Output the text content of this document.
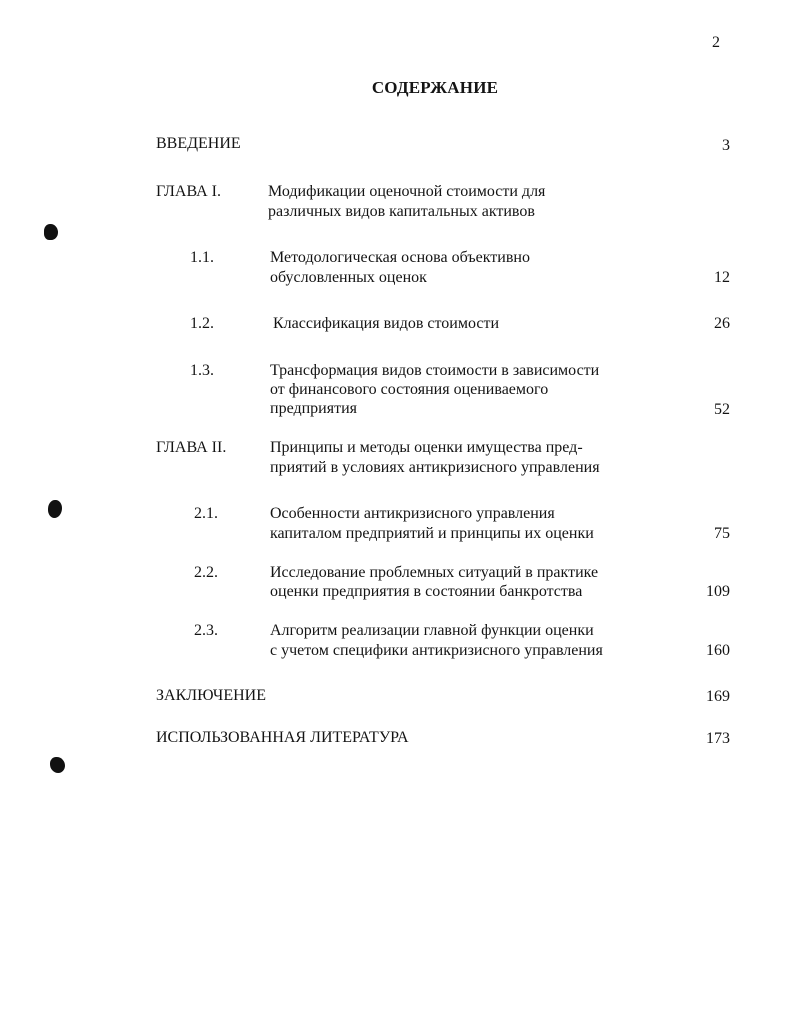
2
СОДЕРЖАНИЕ
ВВЕДЕНИЕ	3
ГЛАВА I.	Модификации оценочной стоимости для
различных видов капитальных активов
1.1.	Методологическая основа объективно
обусловленных оценок	12
1.2.	Классификация видов стоимости	26
1.3.	Трансформация видов стоимости в зависимости
от финансового состояния оцениваемого
предприятия	52
ГЛАВА II.	Принципы и методы оценки имущества пред-
приятий в условиях антикризисного управления
2.1.	Особенности антикризисного управления
капиталом предприятий и принципы их оценки	75
2.2.	Исследование проблемных ситуаций в практике
оценки предприятия в состоянии банкротства	109
2.3.	Алгоритм реализации главной функции оценки
с учетом специфики антикризисного управления	160
ЗАКЛЮЧЕНИЕ	169
ИСПОЛЬЗОВАННАЯ ЛИТЕРАТУРА	173
